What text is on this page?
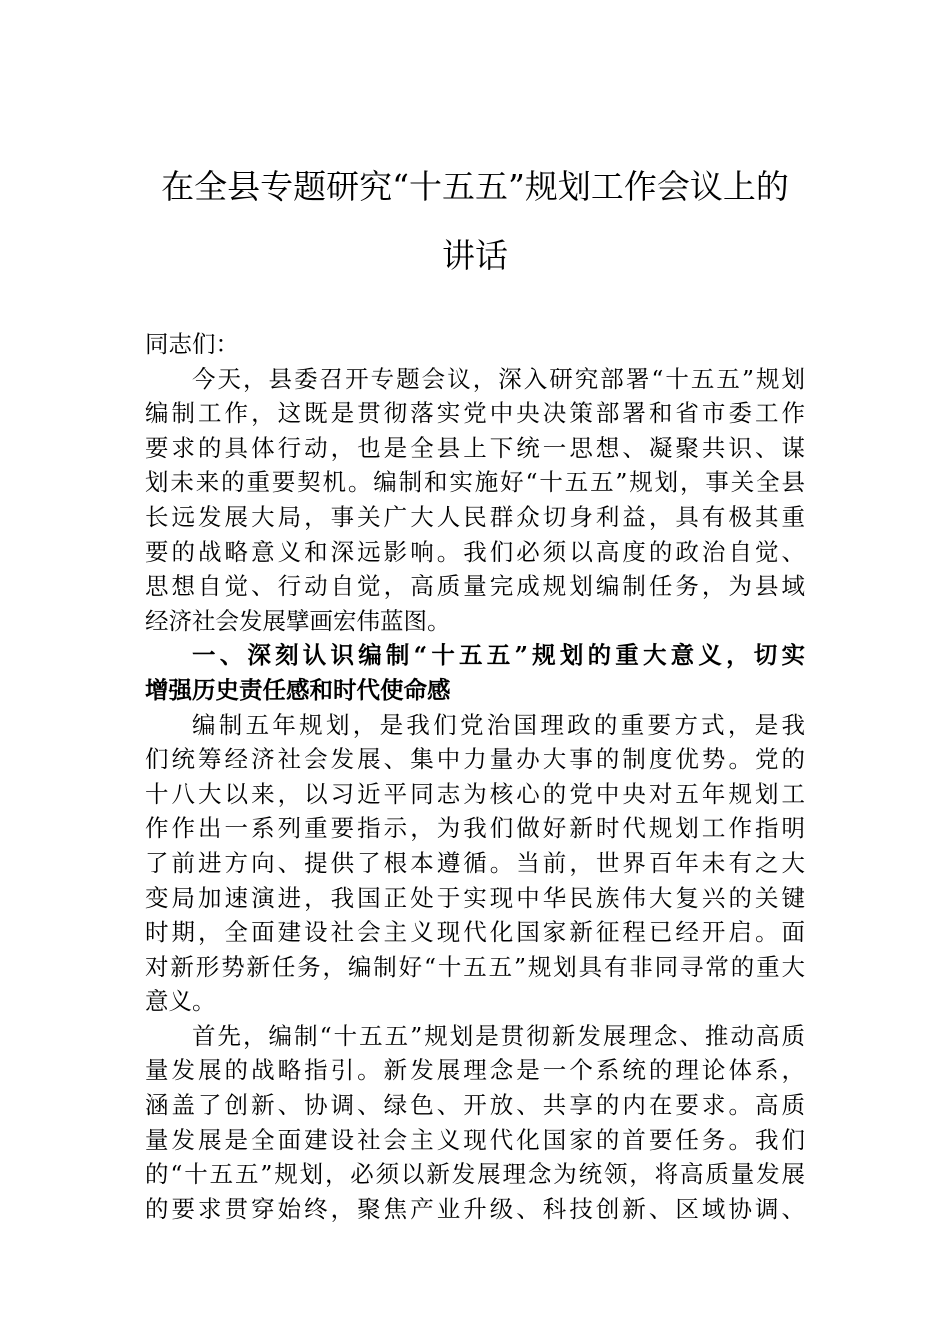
在全县专题研究“十五五”规划工作会议上的
讲话
同志们：
今天，县委召开专题会议，深入研究部署“十五五”规划
编制工作，这既是贯彻落实党中央决策部署和省市委工作
要求的具体行动，也是全县上下统一思想、凝聚共识、谋
划未来的重要契机。编制和实施好“十五五”规划，事关全县
长远发展大局，事关广大人民群众切身利益，具有极其重
要的战略意义和深远影响。我们必须以高度的政治自觉、
思想自觉、行动自觉，高质量完成规划编制任务，为县域
经济社会发展擘画宏伟蓝图。
一、深刻认识编制“十五五”规划的重大意义，切实
增强历史责任感和时代使命感
编制五年规划，是我们党治国理政的重要方式，是我
们统筹经济社会发展、集中力量办大事的制度优势。党的
十八大以来，以习近平同志为核心的党中央对五年规划工
作作出一系列重要指示，为我们做好新时代规划工作指明
了前进方向、提供了根本遵循。当前，世界百年未有之大
变局加速演进，我国正处于实现中华民族伟大复兴的关键
时期，全面建设社会主义现代化国家新征程已经开启。面
对新形势新任务，编制好“十五五”规划具有非同寻常的重大
意义。
首先，编制“十五五”规划是贯彻新发展理念、推动高质
量发展的战略指引。新发展理念是一个系统的理论体系，
涵盖了创新、协调、绿色、开放、共享的内在要求。高质
量发展是全面建设社会主义现代化国家的首要任务。我们
的“十五五”规划，必须以新发展理念为统领，将高质量发展
的要求贯穿始终，聚焦产业升级、科技创新、区域协调、
